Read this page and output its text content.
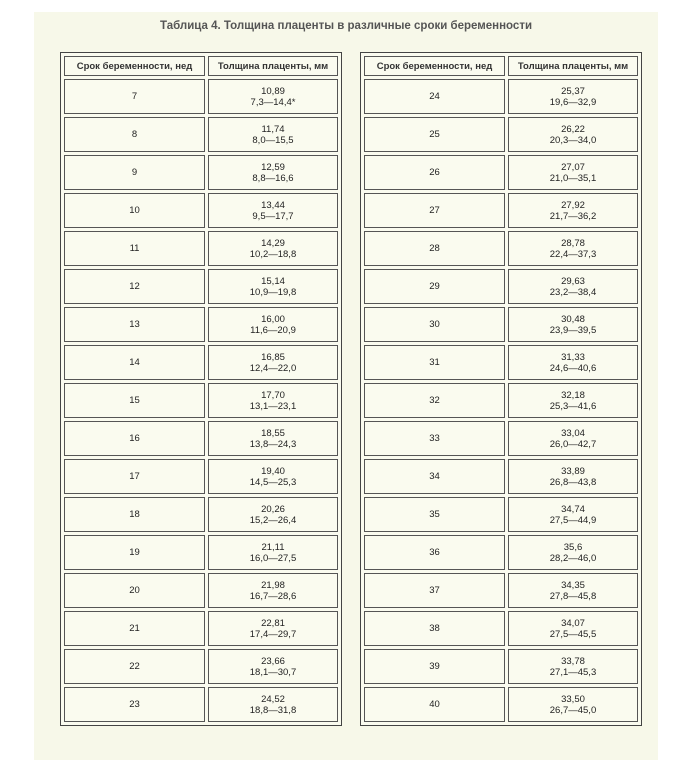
Таблица 4. Толщина плаценты в различные сроки беременности
Срок беременности, нед	Толщина плаценты, мм
7	10,89
7,3—14,4*

8	11,74
8,0—15,5

9	12,59
8,8—16,6

10	13,44
9,5—17,7

11	14,29
10,2—18,8

12	15,14
10,9—19,8

13	16,00
11,6—20,9

14	16,85
12,4—22,0

15	17,70
13,1—23,1

16	18,55
13,8—24,3

17	19,40
14,5—25,3

18	20,26
15,2—26,4

19	21,11
16,0—27,5

20	21,98
16,7—28,6

21	22,81
17,4—29,7

22	23,66
18,1—30,7

23	24,52
18,8—31,8
Срок беременности, нед	Толщина плаценты, мм
24	25,37
19,6—32,9

25	26,22
20,3—34,0

26	27,07
21,0—35,1

27	27,92
21,7—36,2

28	28,78
22,4—37,3

29	29,63
23,2—38,4

30	30,48
23,9—39,5

31	31,33
24,6—40,6

32	32,18
25,3—41,6

33	33,04
26,0—42,7

34	33,89
26,8—43,8

35	34,74
27,5—44,9

36	35,6
28,2—46,0

37	34,35
27,8—45,8

38	34,07
27,5—45,5

39	33,78
27,1—45,3

40	33,50
26,7—45,0
